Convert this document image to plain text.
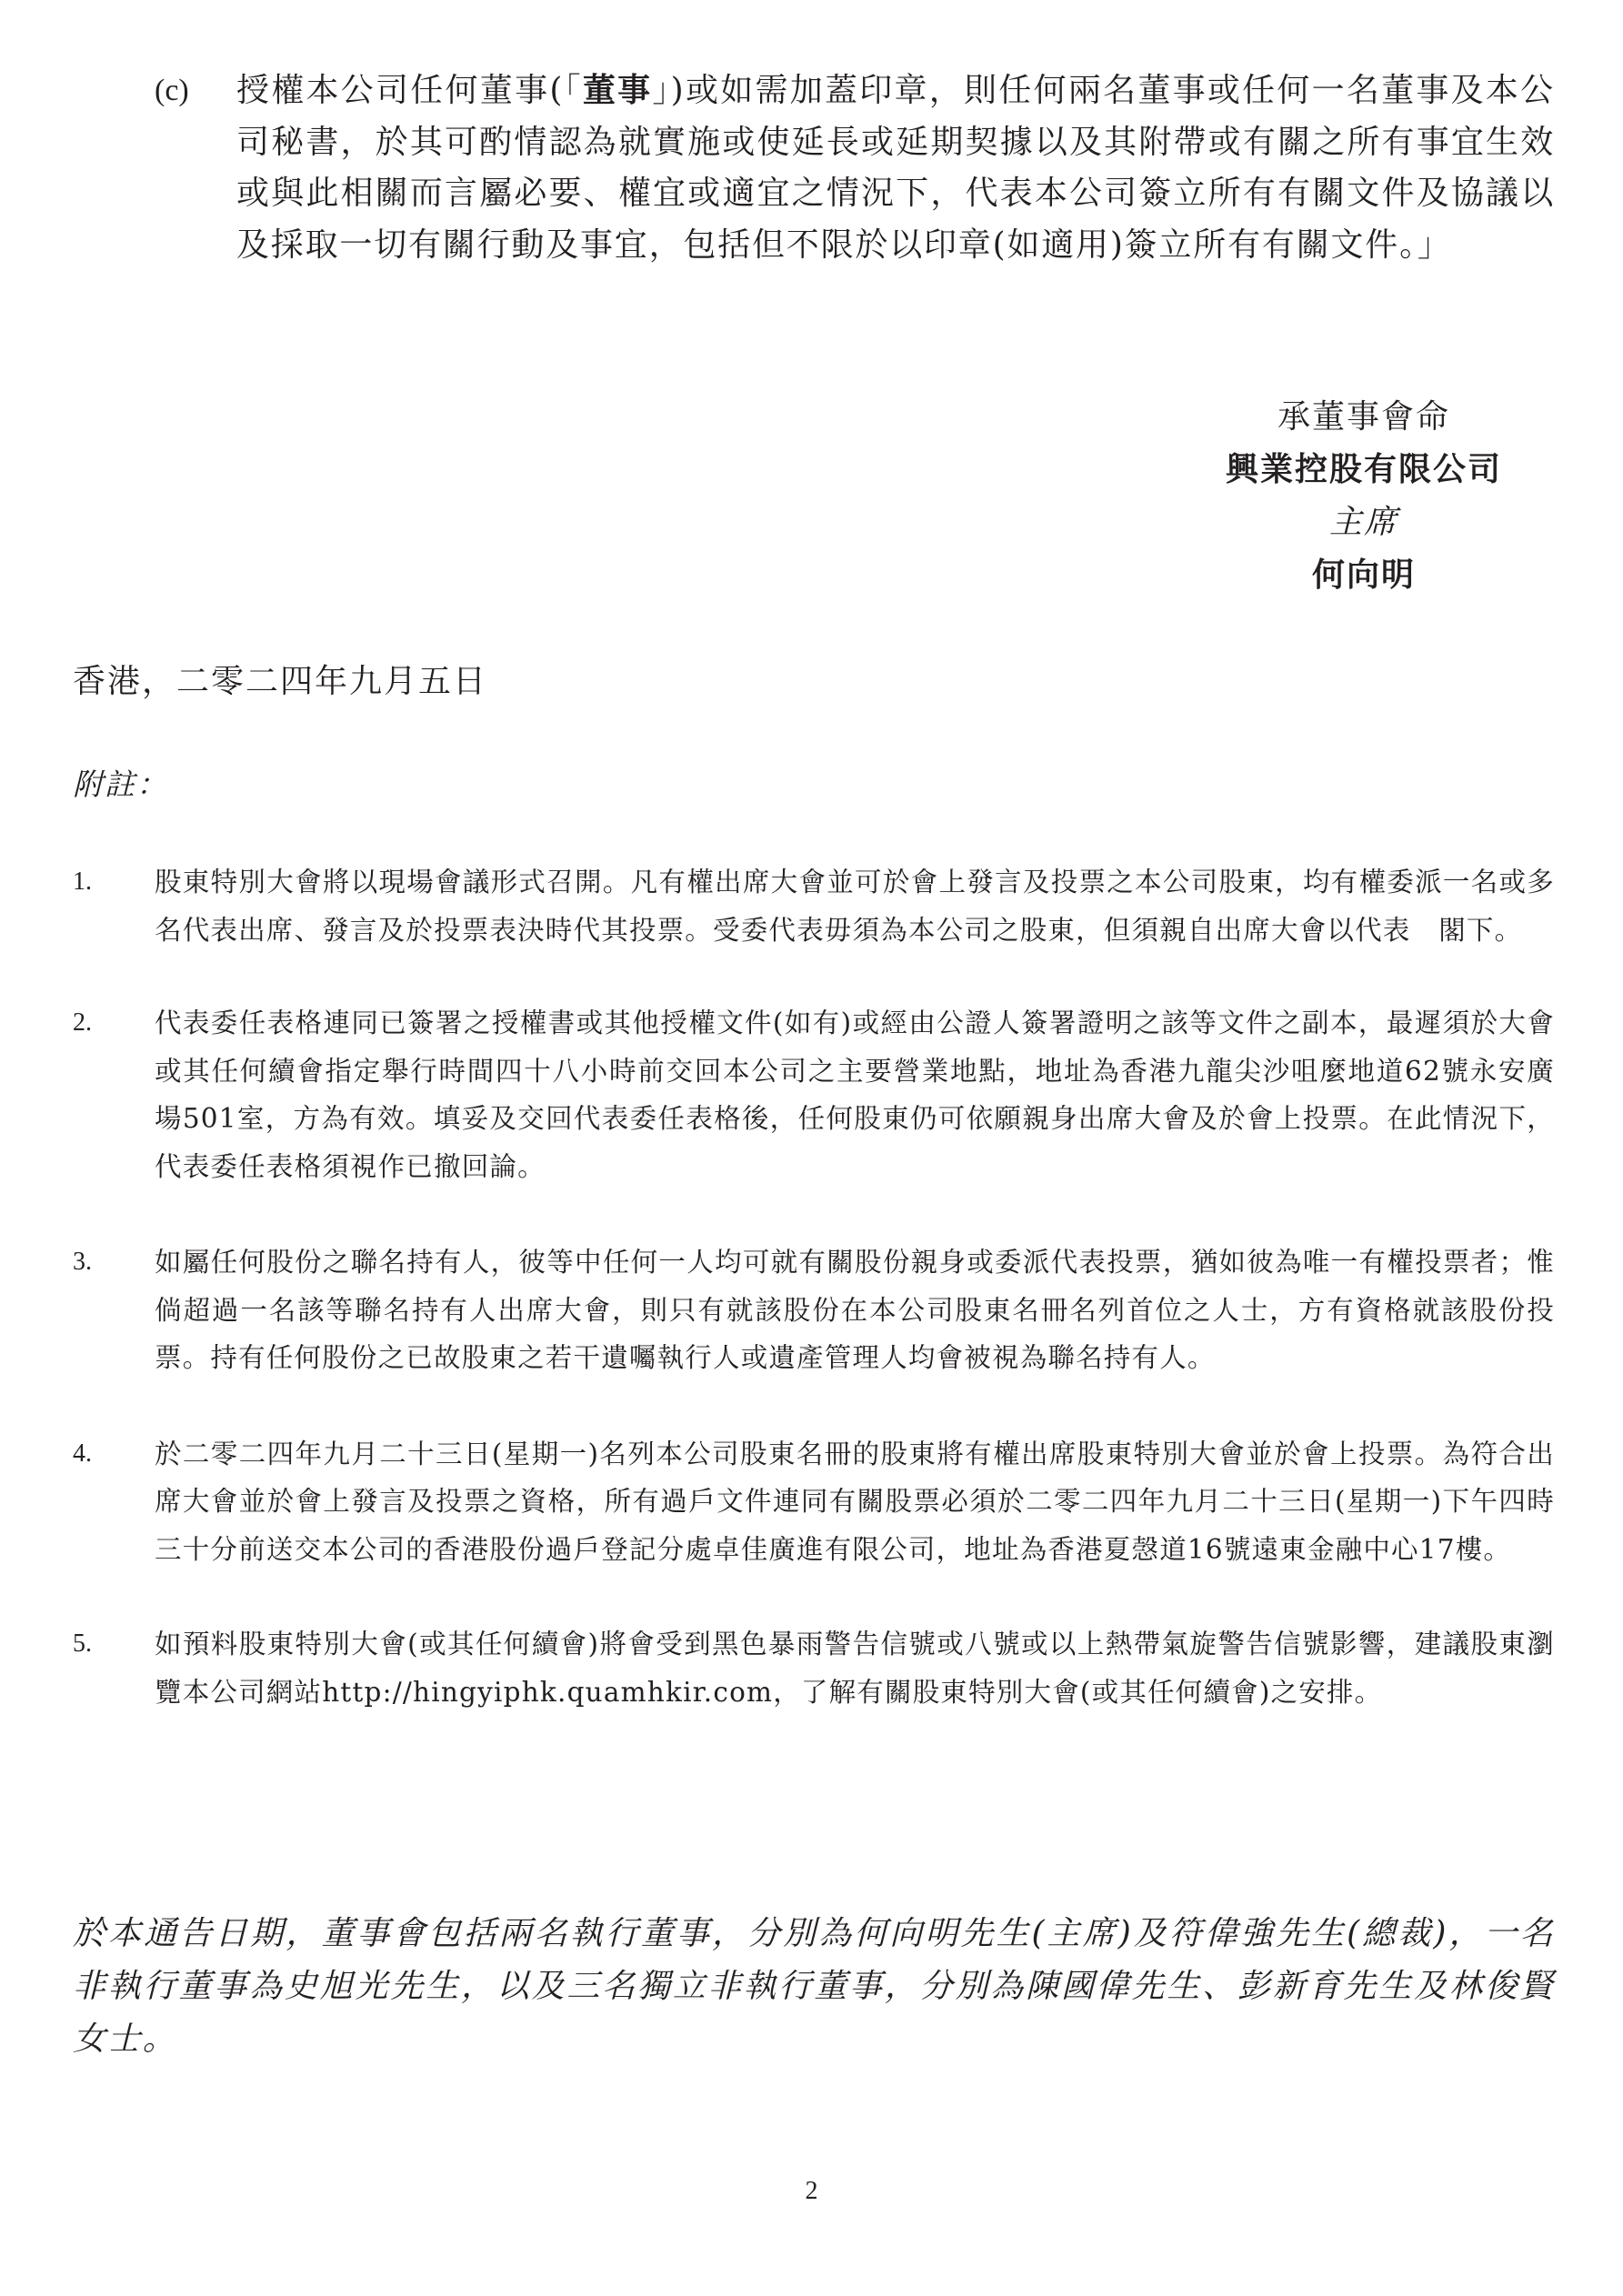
(c)	授權本公司任何董事(「董事」)或如需加蓋印章，則任何兩名董事或任何一名董事及本公司秘書，於其可酌情認為就實施或使延長或延期契據以及其附帶或有關之所有事宜生效或與此相關而言屬必要、權宜或適宜之情況下，代表本公司簽立所有有關文件及協議以及採取一切有關行動及事宜，包括但不限於以印章(如適用)簽立所有有關文件。」
承董事會命
興業控股有限公司
主席
何向明
香港，二零二四年九月五日
附註：
1.	股東特別大會將以現場會議形式召開。凡有權出席大會並可於會上發言及投票之本公司股東，均有權委派一名或多名代表出席、發言及於投票表決時代其投票。受委代表毋須為本公司之股東，但須親自出席大會以代表　閣下。
2.	代表委任表格連同已簽署之授權書或其他授權文件(如有)或經由公證人簽署證明之該等文件之副本，最遲須於大會或其任何續會指定舉行時間四十八小時前交回本公司之主要營業地點，地址為香港九龍尖沙咀麼地道62號永安廣場501室，方為有效。填妥及交回代表委任表格後，任何股東仍可依願親身出席大會及於會上投票。在此情況下，代表委任表格須視作已撤回論。
3.	如屬任何股份之聯名持有人，彼等中任何一人均可就有關股份親身或委派代表投票，猶如彼為唯一有權投票者；惟倘超過一名該等聯名持有人出席大會，則只有就該股份在本公司股東名冊名列首位之人士，方有資格就該股份投票。持有任何股份之已故股東之若干遺囑執行人或遺產管理人均會被視為聯名持有人。
4.	於二零二四年九月二十三日(星期一)名列本公司股東名冊的股東將有權出席股東特別大會並於會上投票。為符合出席大會並於會上發言及投票之資格，所有過戶文件連同有關股票必須於二零二四年九月二十三日(星期一)下午四時三十分前送交本公司的香港股份過戶登記分處卓佳廣進有限公司，地址為香港夏愨道16號遠東金融中心17樓。
5.	如預料股東特別大會(或其任何續會)將會受到黑色暴雨警告信號或八號或以上熱帶氣旋警告信號影響，建議股東瀏覽本公司網站http://hingyiphk.quamhkir.com，了解有關股東特別大會(或其任何續會)之安排。
於本通告日期，董事會包括兩名執行董事，分別為何向明先生(主席)及符偉強先生(總裁)，一名非執行董事為史旭光先生，以及三名獨立非執行董事，分別為陳國偉先生、彭新育先生及林俊賢女士。
2
